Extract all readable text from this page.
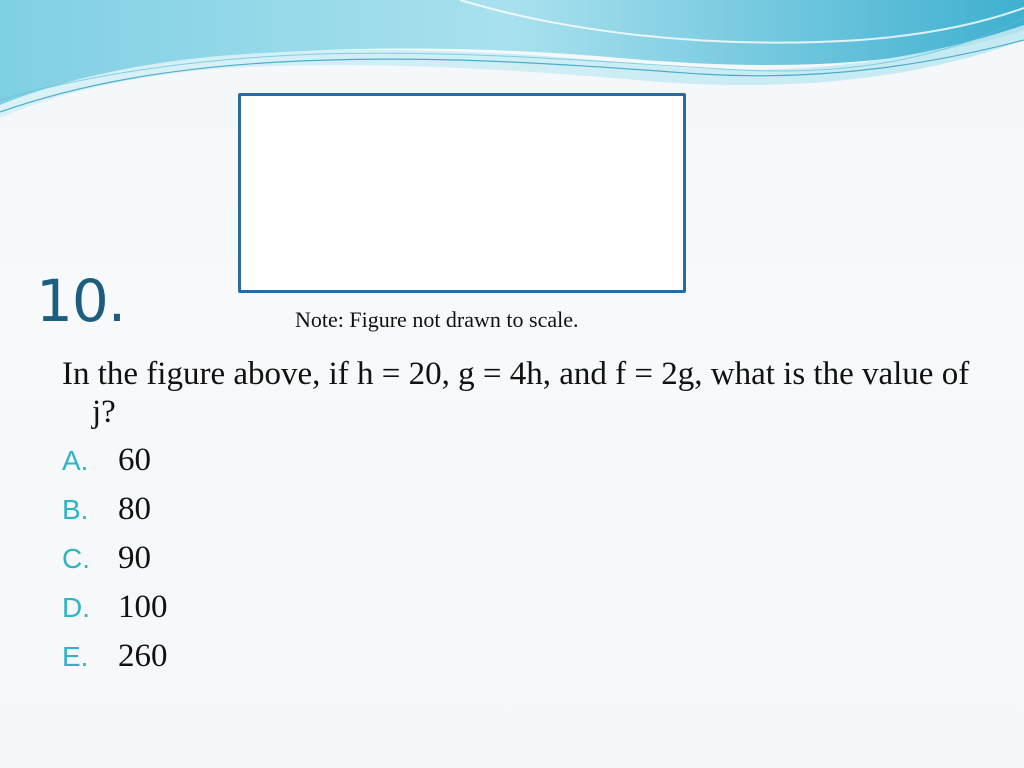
10.	Note: Figure not drawn to scale.
In the figure above, if h = 20, g = 4h, and f = 2g, what is the value of j?
A. 60
B. 80
C. 90
D. 100
E. 260
